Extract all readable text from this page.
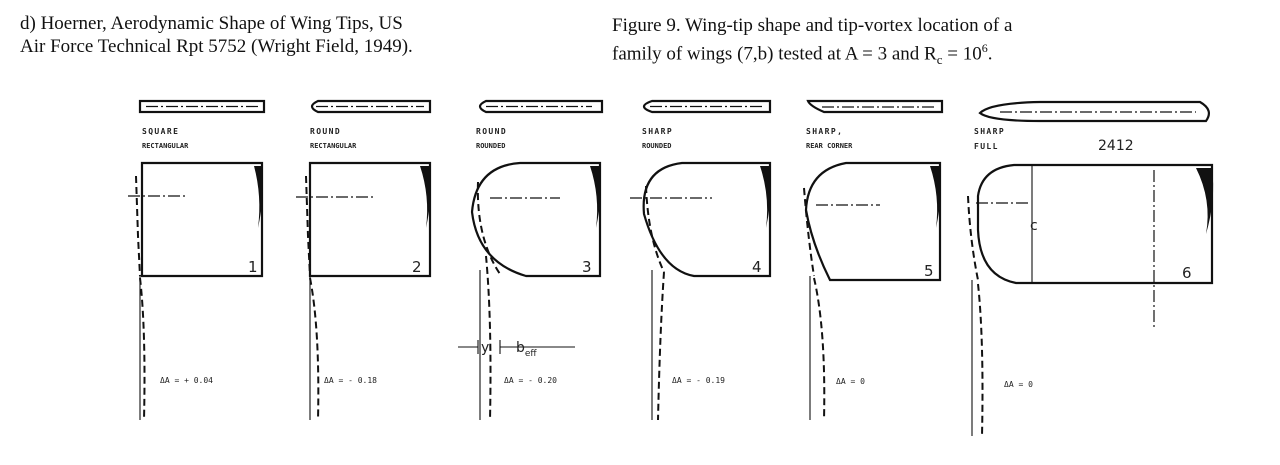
d) Hoerner, Aerodynamic Shape of Wing Tips, US
Air Force Technical Rpt 5752 (Wright Field, 1949).
Figure 9. Wing-tip shape and tip-vortex location of a
family of wings (7,b) tested at A = 3 and $R_c = 10^6$.
SQUARE
RECTANGULAR
1
ΔA = + 0.04
ROUND
RECTANGULAR
2
ΔA = - 0.18
ROUND
ROUNDED
3
y $b_{eff}$
ΔA = - 0.20
SHARP
ROUNDED
4
ΔA = - 0.19
SHARP,
REAR CORNER
5
ΔA = 0
SHARP
FULL	2412
c
6
ΔA = 0
